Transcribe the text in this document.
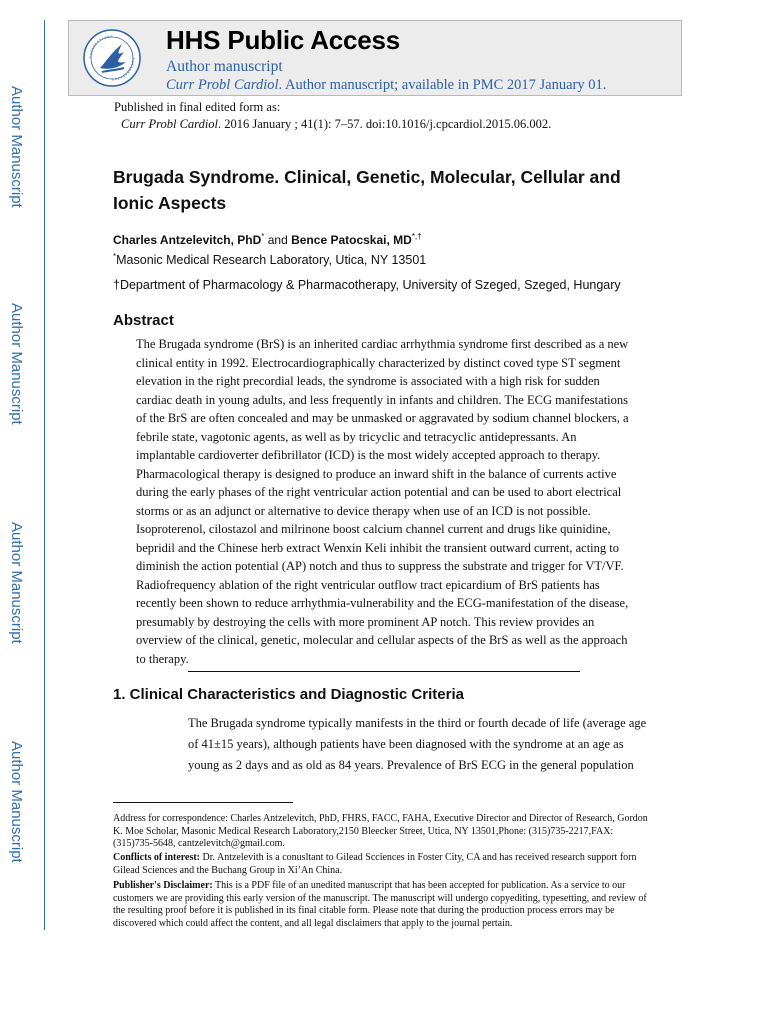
Author Manuscript
Author Manuscript
Author Manuscript
Author Manuscript
HHS Public Access
Author manuscript
Curr Probl Cardiol. Author manuscript; available in PMC 2017 January 01.
Published in final edited form as:
Curr Probl Cardiol. 2016 January ; 41(1): 7–57. doi:10.1016/j.cpcardiol.2015.06.002.
Brugada Syndrome. Clinical, Genetic, Molecular, Cellular and Ionic Aspects
Charles Antzelevitch, PhD* and Bence Patocskai, MD*,†
*Masonic Medical Research Laboratory, Utica, NY 13501
†Department of Pharmacology & Pharmacotherapy, University of Szeged, Szeged, Hungary
Abstract
The Brugada syndrome (BrS) is an inherited cardiac arrhythmia syndrome first described as a new
clinical entity in 1992. Electrocardiographically characterized by distinct coved type ST segment
elevation in the right precordial leads, the syndrome is associated with a high risk for sudden
cardiac death in young adults, and less frequently in infants and children. The ECG manifestations
of the BrS are often concealed and may be unmasked or aggravated by sodium channel blockers, a
febrile state, vagotonic agents, as well as by tricyclic and tetracyclic antidepressants. An
implantable cardioverter defibrillator (ICD) is the most widely accepted approach to therapy.
Pharmacological therapy is designed to produce an inward shift in the balance of currents active
during the early phases of the right ventricular action potential and can be used to abort electrical
storms or as an adjunct or alternative to device therapy when use of an ICD is not possible.
Isoproterenol, cilostazol and milrinone boost calcium channel current and drugs like quinidine,
bepridil and the Chinese herb extract Wenxin Keli inhibit the transient outward current, acting to
diminish the action potential (AP) notch and thus to suppress the substrate and trigger for VT/VF.
Radiofrequency ablation of the right ventricular outflow tract epicardium of BrS patients has
recently been shown to reduce arrhythmia-vulnerability and the ECG-manifestation of the disease,
presumably by destroying the cells with more prominent AP notch. This review provides an
overview of the clinical, genetic, molecular and cellular aspects of the BrS as well as the approach
to therapy.
1. Clinical Characteristics and Diagnostic Criteria
The Brugada syndrome typically manifests in the third or fourth decade of life (average age
of 41±15 years), although patients have been diagnosed with the syndrome at an age as
young as 2 days and as old as 84 years. Prevalence of BrS ECG in the general population
Address for correspondence: Charles Antzelevitch, PhD, FHRS, FACC, FAHA, Executive Director and Director of Research, Gordon
K. Moe Scholar, Masonic Medical Research Laboratory,2150 Bleecker Street, Utica, NY 13501,Phone: (315)735-2217,FAX:
(315)735-5648, cantzelevitch@gmail.com.
Conflicts of interest: Dr. Antzelevith is a conusltant to Gilead Scciences in Foster City, CA and has received research support forn
Gilead Sciences and the Buchang Group in Xi’An China.
Publisher's Disclaimer: This is a PDF file of an unedited manuscript that has been accepted for publication. As a service to our
customers we are providing this early version of the manuscript. The manuscript will undergo copyediting, typesetting, and review of
the resulting proof before it is published in its final citable form. Please note that during the production process errors may be
discovered which could affect the content, and all legal disclaimers that apply to the journal pertain.
